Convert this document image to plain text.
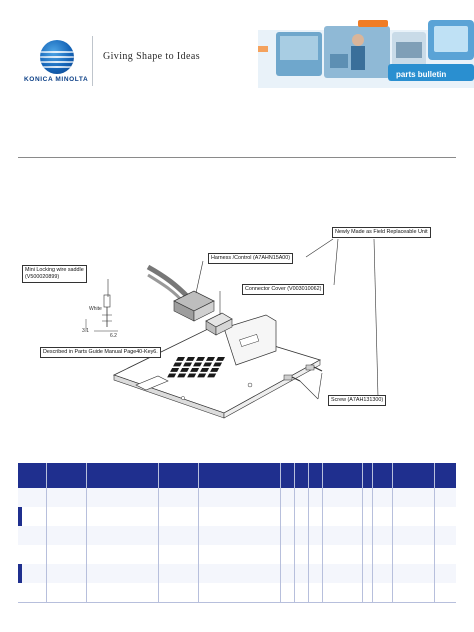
KONICA MINOLTA
Giving Shape to Ideas
parts bulletin
Newly Made as Field Replaceable Unit
Harness /Control (A7AHN15A00)
Connector Cover (V003010062)
Screw (A7AH131300)
Mini Locking wire saddle
(V500020899)
Described in Parts Guide Manual Page40-Key6.
White
3.1
6.2
